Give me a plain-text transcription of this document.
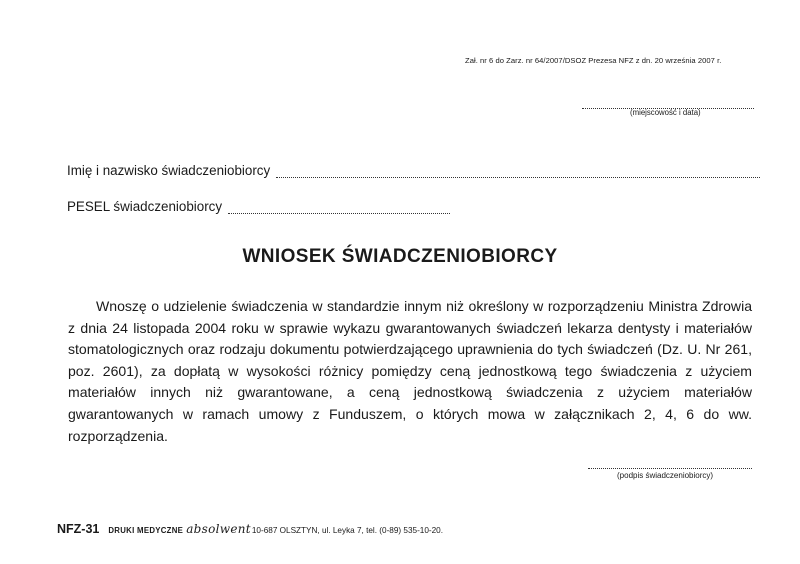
Zał. nr 6 do Zarz. nr 64/2007/DSOZ Prezesa NFZ z dn. 20 września 2007 r.
(miejscowość i data)
Imię i nazwisko świadczeniobiorcy
PESEL świadczeniobiorcy
WNIOSEK ŚWIADCZENIOBIORCY
Wnoszę o udzielenie świadczenia w standardzie innym niż określony w rozporządzeniu Ministra Zdrowia z dnia 24 listopada 2004 roku w sprawie wykazu gwarantowanych świadczeń lekarza dentysty i materiałów stomatologicznych oraz rodzaju dokumentu potwierdzającego uprawnienia do tych świadczeń (Dz. U. Nr 261, poz. 2601), za dopłatą w wysokości różnicy pomiędzy ceną jednostkową tego świadczenia z użyciem materiałów innych niż gwarantowane, a ceną jednostkową świadczenia z użyciem materiałów gwarantowanych w ramach umowy z Funduszem, o których mowa w załącznikach 2, 4, 6 do ww. rozporządzenia.
(podpis świadczeniobiorcy)
NFZ-31 DRUKI MEDYCZNE absolwent 10-687 OLSZTYN, ul. Leyka 7, tel. (0-89) 535-10-20.
